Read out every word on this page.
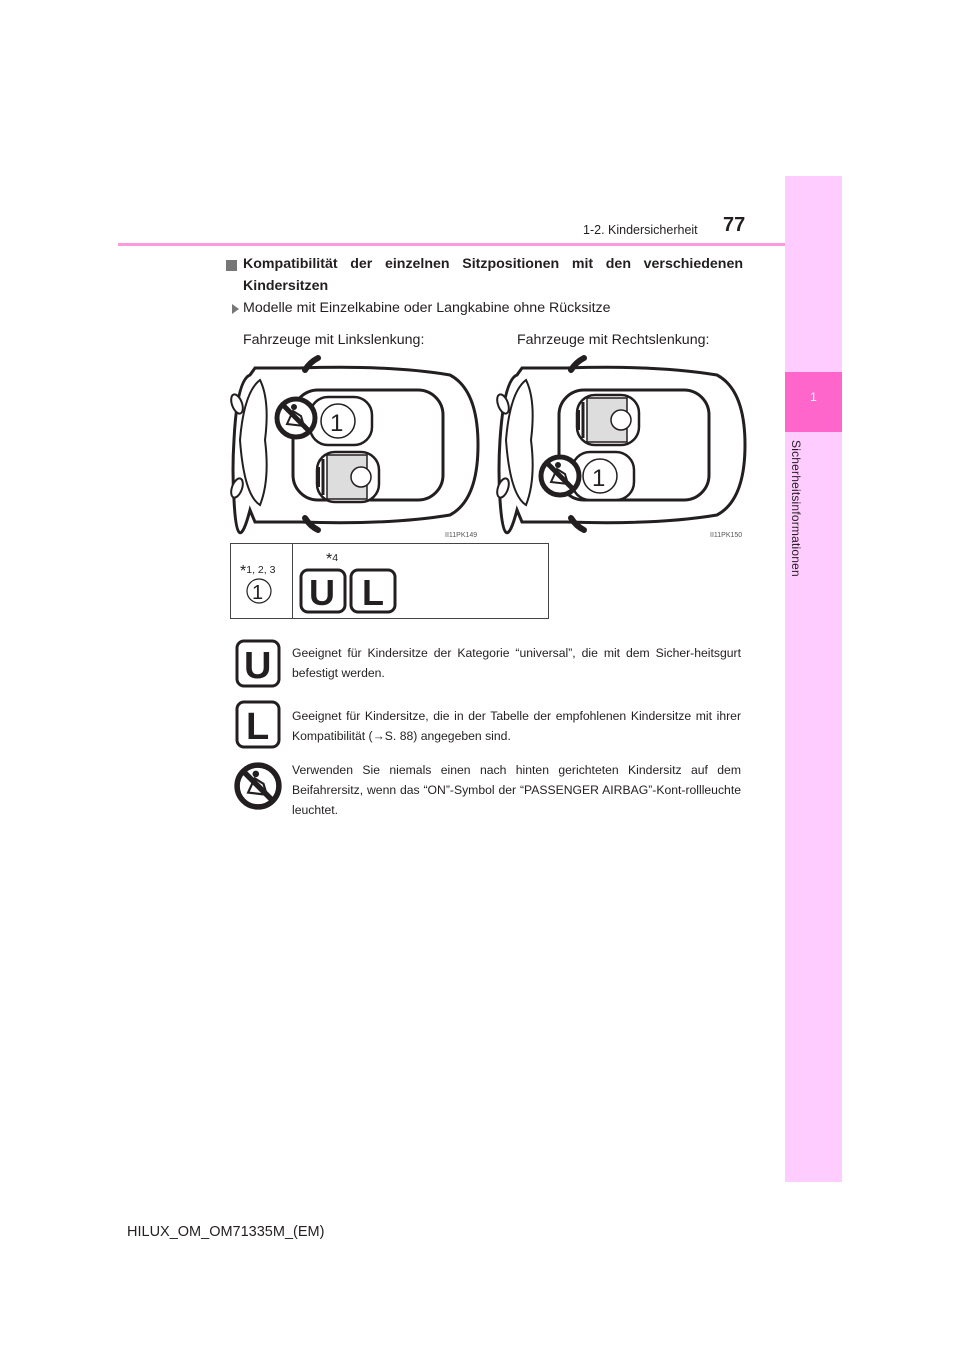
1
Sicherheitsinformationen
1-2. Kindersicherheit 77
Kompatibilität der einzelnen Sitzpositionen mit den verschiedenen Kindersitzen
Modelle mit Einzelkabine oder Langkabine ohne Rücksitze
Fahrzeuge mit Linkslenkung:	Fahrzeuge mit Rechtslenkung:
1
1
1 U L
U
L
II11PK149	II11PK150
*1, 2, 3
*4
Geeignet für Kindersitze der Kategorie “universal”, die mit dem Sicher-heitsgurt befestigt werden.
Geeignet für Kindersitze, die in der Tabelle der empfohlenen Kindersitze mit ihrer Kompatibilität (→S. 88) angegeben sind.
Verwenden Sie niemals einen nach hinten gerichteten Kindersitz auf dem Beifahrersitz, wenn das “ON”-Symbol der “PASSENGER AIRBAG”-Kont-rollleuchte leuchtet.
HILUX_OM_OM71335M_(EM)
